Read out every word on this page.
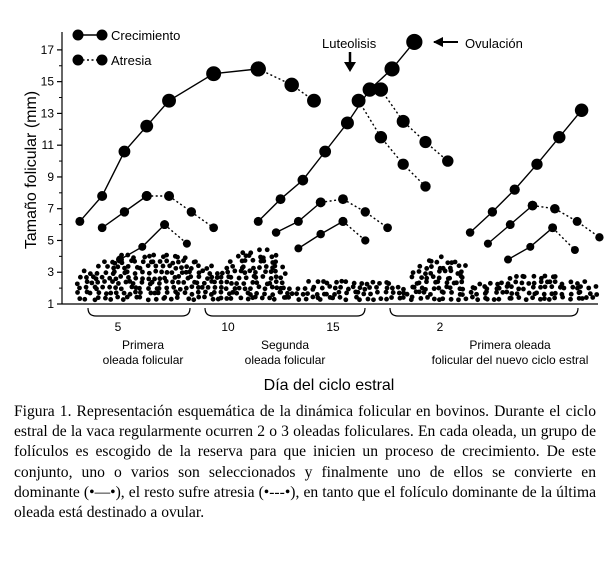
1
3
5
7
9
11
13
15
17
Crecimiento
Atresia
Luteolisis	Ovulación
5
Primera
oleada folicular
10	15
Segunda
oleada folicular
2
Primera oleada
folicular del nuevo ciclo estral
Día del ciclo estral
Tamaño folicular (mm)

Figura 1. Representación esquemática de la dinámica folicular en bovinos. Durante el ciclo estral de la vaca regularmente ocurren 2 o 3 oleadas foliculares. En cada oleada, un grupo de folículos es escogido de la reserva para que inicien un proceso de crecimiento. De este conjunto, uno o varios son seleccionados y finalmente uno de ellos se convierte en dominante (•—•), el resto sufre atresia (•---•), en tanto que el folículo dominante de la última oleada está destinado a ovular.
